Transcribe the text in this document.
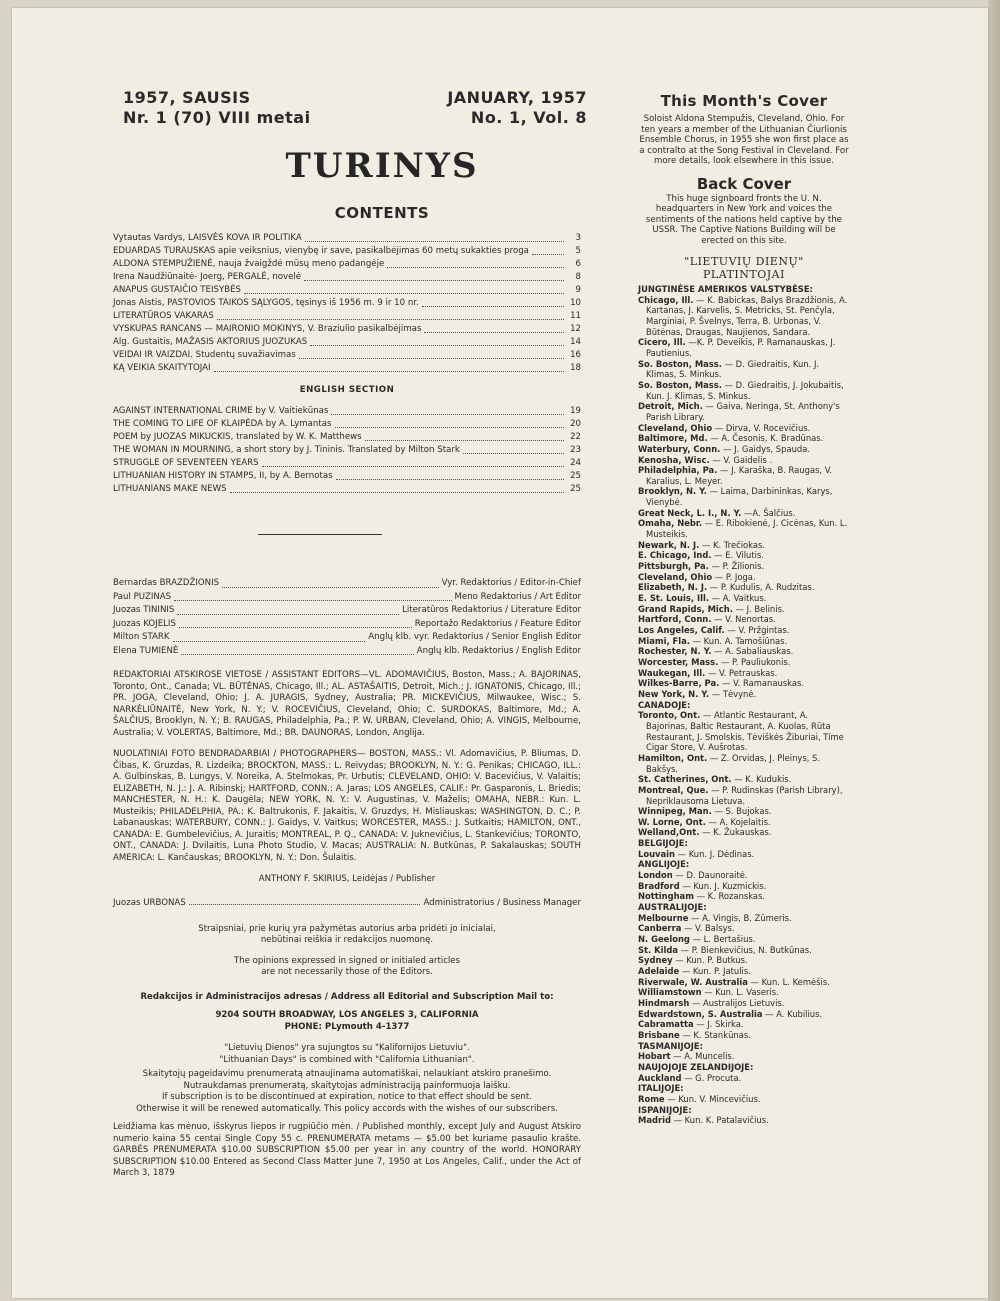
1957, SAUSIS
Nr. 1 (70) VIII metai
JANUARY, 1957
No. 1, Vol. 8
TURINYS
CONTENTS
Vytautas Vardys, LAISVĖS KOVA IR POLITIKA	3
EDUARDAS TURAUSKAS apie veiksnius, vienybę ir save, pasikalbėjimas 60 metų sukakties proga	5
ALDONA STEMPUŽIENĖ, nauja žvaigždė mūsų meno padangėje	6
Irena Naudžiūnaitė- Joerg, PERGALĖ, novelė	8
ANAPUS GUSTAIČIO TEISYBĖS	9
Jonas Aistis, PASTOVIOS TAIKOS SĄLYGOS, tęsinys iš 1956 m. 9 ir 10 nr.	10
LITERATŪROS VAKARAS	11
VYSKUPAS RANCANS — MAIRONIO MOKINYS, V. Braziulio pasikalbėjimas	12
Alg. Gustaitis, MAŽASIS AKTORIUS JUOZUKAS	14
VEIDAI IR VAIZDAI. Studentų suvažiavimas	16
KĄ VEIKIA SKAITYTOJAI	18
ENGLISH SECTION
AGAINST INTERNATIONAL CRIME by V. Vaitiekūnas	19
THE COMING TO LIFE OF KLAIPĖDA by A. Lymantas	20
POEM by JUOZAS MIKUCKIS, translated by W. K. Matthews	22
THE WOMAN IN MOURNING, a short story by J. Tininis. Translated by Milton Stark	23
STRUGGLE OF SEVENTEEN YEARS	24
LITHUANIAN HISTORY IN STAMPS, II, by A. Bernotas	25
LITHUANIANS MAKE NEWS	25
Bernardas BRAZDŽIONIS	Vyr. Redaktorius / Editor-in-Chief
Paul PUZINAS	Meno Redaktorius / Art Editor
Juozas TININIS	Literatūros Redaktorius / Literature Editor
Juozas KOJELIS	Reportažo Redaktorius / Feature Editor
Milton STARK	Anglų klb. vyr. Redaktorius / Senior English Editor
Elena TUMIENĖ	Anglų klb. Redaktorius / English Editor
REDAKTORIAI ATSKIROSE VIETOSE / ASSISTANT EDITORS—VL. ADOMAVIČIUS, Boston, Mass.; A. BAJORINAS, Toronto, Ont., Canada; VL. BŪTĖNAS, Chicago, Ill.; AL. ASTAŠAITIS, Detroit, Mich.; J. IGNATONIS, Chicago, Ill.; PR. JOGA, Cleveland, Ohio; J. A. JURAGIS, Sydney, Australia; PR. MICKEVIČIUS, Milwaukee, Wisc.; S. NARKĖLIŪNAITĖ, New York, N. Y.; V. ROCEVIČIUS, Cleveland, Ohio; C. SURDOKAS, Baltimore, Md.; A. ŠALČIUS, Brooklyn, N. Y.; B. RAUGAS, Philadelphia, Pa.; P. W. URBAN, Cleveland, Ohio; A. VINGIS, Melbourne, Australia; V. VOLERTAS, Baltimore, Md.; BR. DAUNORAS, London, Anglija.
NUOLATINIAI FOTO BENDRADARBIAI / PHOTOGRAPHERS— BOSTON, MASS.: Vl. Adomavičius, P. Bliumas, D. Čibas, K. Gruzdas, R. Lizdeika; BROCKTON, MASS.: L. Reivydas; BROOKLYN, N. Y.: G. Penikas; CHICAGO, ILL.: A. Gulbinskas, B. Lungys, V. Noreika, A. Stelmokas, Pr. Urbutis; CLEVELAND, OHIO: V. Bacevičius, V. Valaitis; ELIZABETH, N. J.: J. A. Ribinskį; HARTFORD, CONN.: A. Jaras; LOS ANGELES, CALIF.: Pr. Gasparonis, L. Briedis; MANCHESTER, N. H.: K. Daugėla; NEW YORK, N. Y.: V. Augustinas, V. Maželis; OMAHA, NEBR.: Kun. L. Musteikis; PHILADELPHIA, PA.: K. Baltrukonis, F. Jakaitis, V. Gruzdys, H. Misliauskas; WASHINGTON, D. C.; P. Labanauskas; WATERBURY, CONN.: J. Gaidys, V. Vaitkus; WORCESTER, MASS.: J. Sutkaitis; HAMILTON, ONT., CANADA: E. Gumbelevičius, A. Juraitis; MONTREAL, P. Q., CANADA: V. Juknevičius, L. Stankevičius; TORONTO, ONT., CANADA: J. Dvilaitis, Luna Photo Studio, V. Macas; AUSTRALIA: N. Butkūnas, P. Sakalauskas; SOUTH AMERICA: L. Kančauskas; BROOKLYN, N. Y.: Don. Šulaitis.
ANTHONY F. SKIRIUS, Leidėjas / Publisher
Juozas URBONAS	Administratorius / Business Manager
Straipsniai, prie kurių yra pažymėtas autorius arba pridėti jo inicialai,
nebūtinai reiškia ir redakcijos nuomonę.
The opinions expressed in signed or initialed articles
are not necessarily those of the Editors.
Redakcijos ir Administracijos adresas / Address all Editorial and Subscription Mail to:
9204 SOUTH BROADWAY, LOS ANGELES 3, CALIFORNIA
PHONE: PLymouth 4-1377
"Lietuvių Dienos" yra sujungtos su "Kalifornijos Lietuviu".
"Lithuanian Days" is combined with "California Lithuanian".
Skaitytojų pageidavimu prenumeratą atnaujinama automatiškai, nelaukiant atskiro pranešimo.
Nutraukdamas prenumeratą, skaitytojas administraciją painformuoja laišku.
If subscription is to be discontinued at expiration, notice to that effect should be sent.
Otherwise it will be renewed automatically. This policy accords with the wishes of our subscribers.
Leidžiama kas mėnuo, išskyrus liepos ir rugpiūčio mėn. / Published monthly, except July and August Atskiro numerio kaina 55 centai Single Copy 55 c. PRENUMERATA metams — $5.00 bet kuriame pasaulio krašte. GARBĖS PRENUMERATA $10.00 SUBSCRIPTION $5.00 per year in any country of the world. HONORARY SUBSCRIPTION $10.00 Entered as Second Class Matter June 7, 1950 at Los Angeles, Calif., under the Act of March 3, 1879
This Month's Cover
Soloist Aldona Stempužis, Cleveland, Ohio. For ten years a member of the Lithuanian Čiurlionis Ensemble Chorus, in 1955 she won first place as a contralto at the Song Festival in Cleveland. For more details, look elsewhere in this issue.
Back Cover
This huge signboard fronts the U. N. headquarters in New York and voices the sentiments of the nations held captive by the USSR. The Captive Nations Building will be erected on this site.
"LIETUVIŲ DIENŲ"
PLATINTOJAI
JUNGTINĖSE AMERIKOS VALSTYBĖSE:
Chicago, Ill. — K. Babickas, Balys Brazdžionis, A. Kartanas, J. Karvelis, S. Metricks, St. Penčyla, Marginiai, P. Švelnys, Terra, B. Urbonas, V. Būtėnas, Draugas, Naujienos, Sandara.
Cicero, Ill. —K. P. Deveikis, P. Ramanauskas, J. Pautienius.
So. Boston, Mass. — D. Giedraitis, Kun. J. Klimas, S. Minkus.
So. Boston, Mass. — D. Giedraitis, J. Jokubaitis, Kun. J. Klimas, S. Minkus.
Detroit, Mich. — Gaiva, Neringa, St. Anthony's Parish Library.
Cleveland, Ohio — Dirva, V. Rocevičius.
Baltimore, Md. — A. Česonis, K. Bradūnas.
Waterbury, Conn. — J. Gaidys, Spauda.
Kenosha, Wisc. — V. Gaidelis .
Philadelphia, Pa. — J. Karaška, B. Raugas, V. Karalius, L. Meyer.
Brooklyn, N. Y. — Laima, Darbininkas, Karys, Vienybė.
Great Neck, L. I., N. Y. —A. Šalčius.
Omaha, Nebr. — E. Ribokienė, J. Cicėnas, Kun. L. Musteikis.
Newark, N. J. — K. Trečiokas.
E. Chicago, Ind. — E. Vilutis.
Pittsburgh, Pa. — P. Žilionis.
Cleveland, Ohio — P. Joga.
Elizabeth, N. J. — P. Kudulis, A. Rudzitas.
E. St. Louis, Ill. — A. Vaitkus.
Grand Rapids, Mich. — J. Belinis.
Hartford, Conn. — V. Nenortas.
Los Angeles, Calif. — V. Pržgintas.
Miami, Fla. — Kun. A. Tamošiūnas.
Rochester, N. Y. — A. Sabaliauskas.
Worcester, Mass. — P. Pauliukonis.
Waukegan, Ill. — V. Petrauskas.
Wilkes-Barre, Pa. — V. Ramanauskas.
New York, N. Y. — Tėvynė.
CANADOJE:
Toronto, Ont. — Atlantic Restaurant, A. Bajorinas, Baltic Restaurant, A. Kuolas, Rūta Restaurant, J. Smolskis, Tėviškės Žiburiai, Time Cigar Store, V. Aušrotas.
Hamilton, Ont. — Z. Orvidas, J. Pleinys, S. Bakšys.
St. Catherines, Ont. — K. Kudukis.
Montreal, Que. — P. Rudinskas (Parish Library), Nepriklausoma Lietuva.
Winnipeg, Man. — S. Bujokas.
W. Lorne, Ont. — A. Kojelaitis.
Welland,Ont. — K. Žukauskas.
BELGIJOJE:
Louvain — Kun. J. Dėdinas.
ANGLIJOJE:
London — D. Daunoraitė.
Bradford — Kun. J. Kuzmickis.
Nottingham — K. Rozanskas.
AUSTRALIJOJE:
Melbourne — A. Vingis, B. Zūmeris.
Canberra — V. Balsys.
N. Geelong — L. Bertašius.
St. Kilda — P. Bienkevičius, N. Butkūnas.
Sydney — Kun. P. Butkus.
Adelaide — Kun. P. Jatulis.
Riverwale, W. Australia — Kun. L. Kemėšis.
Williamstown — Kun. L. Vaseris.
Hindmarsh — Australijos Lietuvis.
Edwardstown, S. Australia — A. Kubilius.
Cabramatta — J. Skirka.
Brisbane — K. Stankūnas.
TASMANIJOJE:
Hobart — A. Muncelis.
NAUJOJOJE ZELANDIJOJE:
Auckland — G. Procuta.
ITALIJOJE:
Rome — Kun. V. Mincevičius.
ISPANIJOJE:
Madrid — Kun. K. Patalavičius.
